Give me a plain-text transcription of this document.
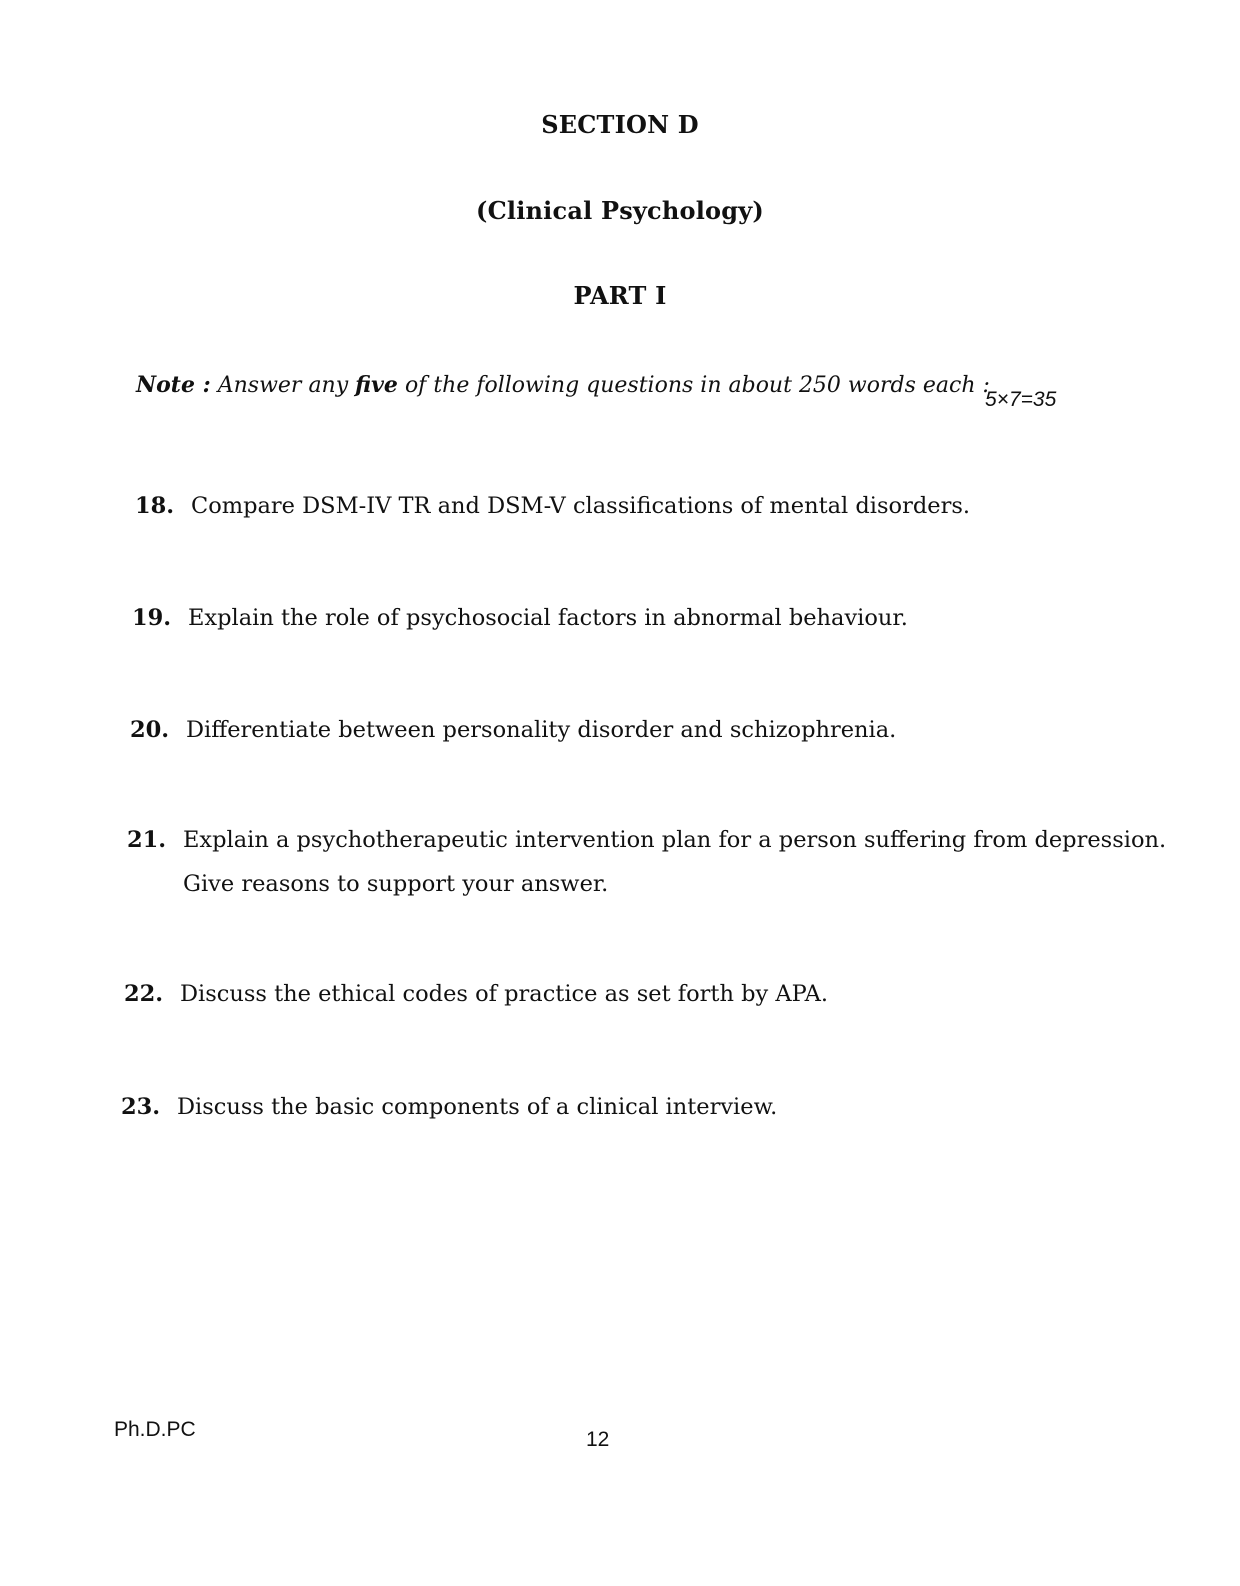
SECTION D
(Clinical Psychology)
PART I
Note : Answer any five of the following questions in about 250 words each :
5×7=35
18. Compare DSM-IV TR and DSM-V classifications of mental disorders.
19. Explain the role of psychosocial factors in abnormal behaviour.
20. Differentiate between personality disorder and schizophrenia.
21. Explain a psychotherapeutic intervention plan for a person suffering from depression.
Give reasons to support your answer.
22. Discuss the ethical codes of practice as set forth by APA.
23. Discuss the basic components of a clinical interview.
Ph.D.PC	12
